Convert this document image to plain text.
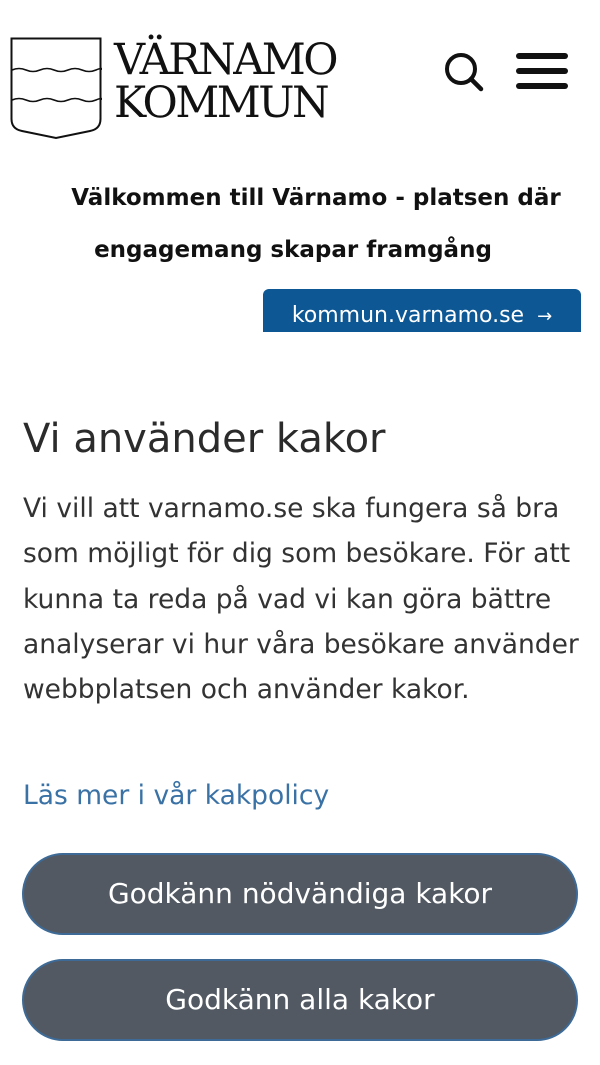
VÄRNAMO
KOMMUN
Välkommen till Värnamo - platsen där
engagemang skapar framgång
kommun.varnamo.se →
Vi använder kakor
Vi vill att varnamo.se ska fungera så bra som möjligt för dig som besökare. För att kunna ta reda på vad vi kan göra bättre analyserar vi hur våra besökare använder webbplatsen och använder kakor.
Läs mer i vår kakpolicy
Godkänn nödvändiga kakor
Godkänn alla kakor
